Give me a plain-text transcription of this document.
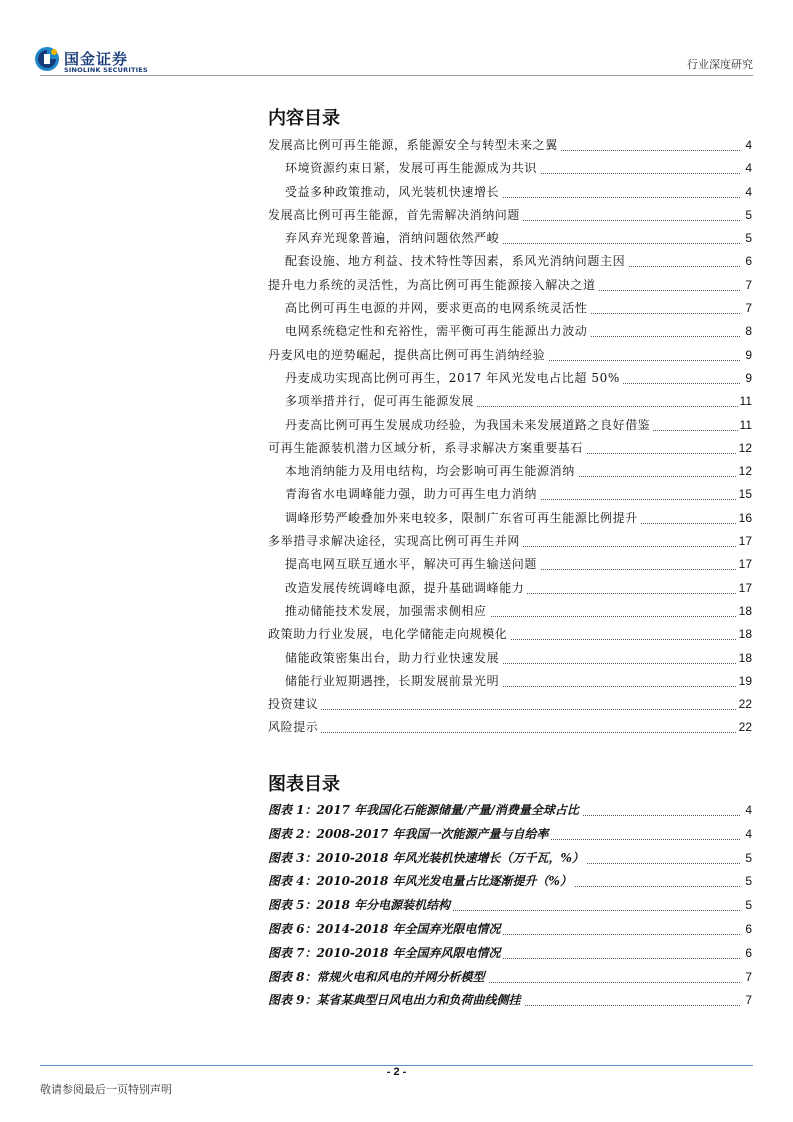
国金证券
SINOLINK SECURITIES	行业深度研究
内容目录
发展高比例可再生能源，系能源安全与转型未来之翼	4
环境资源约束日紧，发展可再生能源成为共识	4
受益多种政策推动，风光装机快速增长	4
发展高比例可再生能源，首先需解决消纳问题	5
弃风弃光现象普遍，消纳问题依然严峻	5
配套设施、地方利益、技术特性等因素，系风光消纳问题主因	6
提升电力系统的灵活性，为高比例可再生能源接入解决之道	7
高比例可再生电源的并网，要求更高的电网系统灵活性	7
电网系统稳定性和充裕性，需平衡可再生能源出力波动	8
丹麦风电的逆势崛起，提供高比例可再生消纳经验	9
丹麦成功实现高比例可再生，2017 年风光发电占比超 50%	9
多项举措并行，促可再生能源发展	11
丹麦高比例可再生发展成功经验，为我国未来发展道路之良好借鉴	11
可再生能源装机潜力区域分析，系寻求解决方案重要基石	12
本地消纳能力及用电结构，均会影响可再生能源消纳	12
青海省水电调峰能力强，助力可再生电力消纳	15
调峰形势严峻叠加外来电较多，限制广东省可再生能源比例提升	16
多举措寻求解决途径，实现高比例可再生并网	17
提高电网互联互通水平，解决可再生输送问题	17
改造发展传统调峰电源，提升基础调峰能力	17
推动储能技术发展，加强需求侧相应	18
政策助力行业发展，电化学储能走向规模化	18
储能政策密集出台，助力行业快速发展	18
储能行业短期遇挫，长期发展前景光明	19
投资建议	22
风险提示	22
图表目录
图表 1：2017 年我国化石能源储量/产量/消费量全球占比	4
图表 2：2008-2017 年我国一次能源产量与自给率	4
图表 3：2010-2018 年风光装机快速增长（万千瓦，%）	5
图表 4：2010-2018 年风光发电量占比逐渐提升（%）	5
图表 5：2018 年分电源装机结构	5
图表 6：2014-2018 年全国弃光限电情况	6
图表 7：2010-2018 年全国弃风限电情况	6
图表 8：常规火电和风电的并网分析模型	7
图表 9：某省某典型日风电出力和负荷曲线侧挂	7
- 2 -
敬请参阅最后一页特别声明
